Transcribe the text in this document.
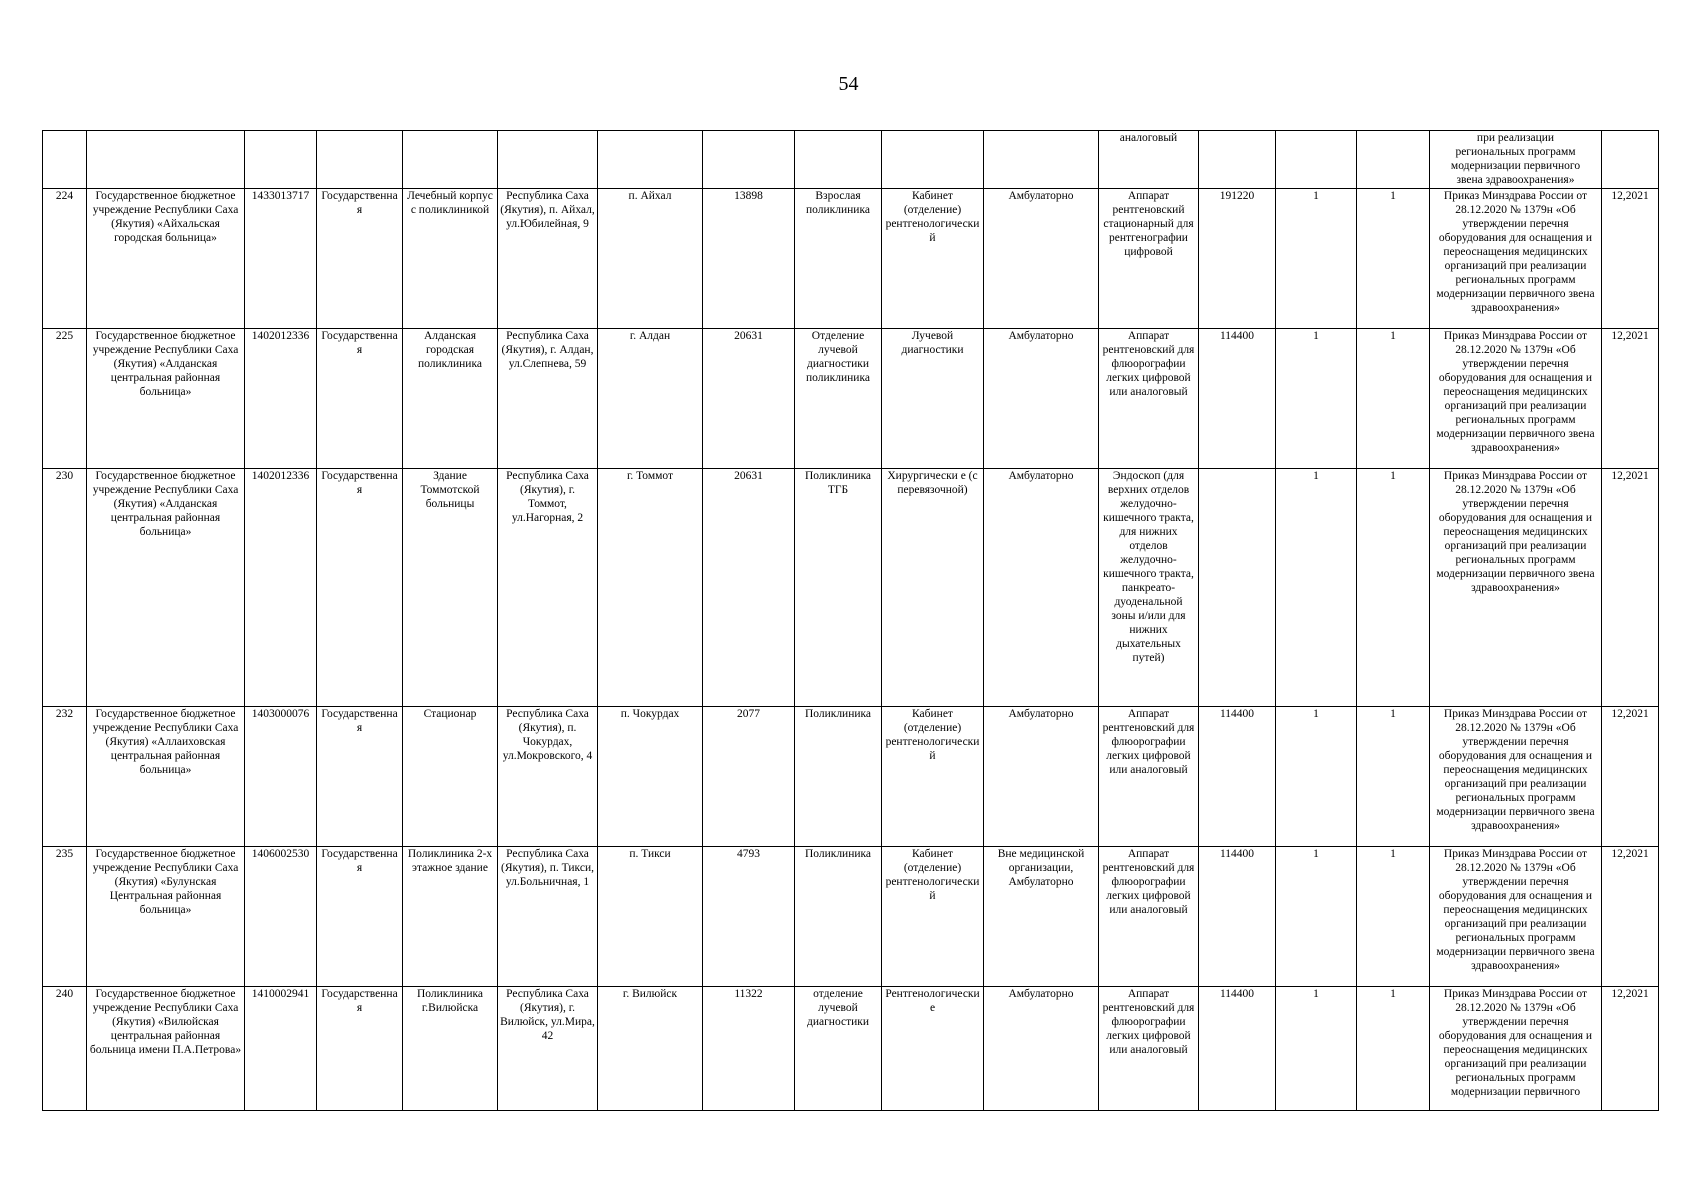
54
											аналоговый				при реализации
региональных программ
модернизации первичного
звена здравоохранения»	
224	Государственное бюджетное учреждение Республики Саха (Якутия) «Айхальская городская больница»	1433013717	Государственная	Лечебный корпус с поликлиникой	Республика Саха (Якутия), п. Айхал, ул.Юбилейная, 9	п. Айхал	13898	Взрослая поликлиника	Кабинет (отделение) рентгенологический	Амбулаторно	Аппарат рентгеновский стационарный для рентгенографии цифровой	191220	1	1	Приказ Минздрава России от 28.12.2020 № 1379н «Об утверждении перечня оборудования для оснащения и переоснащения медицинских организаций при реализации региональных программ модернизации первичного звена здравоохранения»	12,2021
225	Государственное бюджетное учреждение Республики Саха (Якутия) «Алданская центральная районная больница»	1402012336	Государственная	Алданская городская поликлиника	Республика Саха (Якутия), г. Алдан, ул.Слепнева, 59	г. Алдан	20631	Отделение лучевой диагностики поликлиника	Лучевой диагностики	Амбулаторно	Аппарат рентгеновский для флюорографии легких цифровой или аналоговый	114400	1	1	Приказ Минздрава России от 28.12.2020 № 1379н «Об утверждении перечня оборудования для оснащения и переоснащения медицинских организаций при реализации региональных программ модернизации первичного звена здравоохранения»	12,2021
230	Государственное бюджетное учреждение Республики Саха (Якутия) «Алданская центральная районная больница»	1402012336	Государственная	Здание Томмотской больницы	Республика Саха (Якутия), г. Томмот, ул.Нагорная, 2	г. Томмот	20631	Поликлиника ТГБ	Хирургически е (с перевязочной)	Амбулаторно	Эндоскоп (для верхних отделов желудочно-кишечного тракта, для нижних отделов желудочно-кишечного тракта, панкреато-дуоденальной зоны и/или для нижних дыхательных путей)		1	1	Приказ Минздрава России от 28.12.2020 № 1379н «Об утверждении перечня оборудования для оснащения и переоснащения медицинских организаций при реализации региональных программ модернизации первичного звена здравоохранения»	12,2021
232	Государственное бюджетное учреждение Республики Саха (Якутия) «Аллаиховская центральная районная больница»	1403000076	Государственная	Стационар	Республика Саха (Якутия), п. Чокурдах, ул.Мокровского, 4	п. Чокурдах	2077	Поликлиника	Кабинет (отделение) рентгенологический	Амбулаторно	Аппарат рентгеновский для флюорографии легких цифровой или аналоговый	114400	1	1	Приказ Минздрава России от 28.12.2020 № 1379н «Об утверждении перечня оборудования для оснащения и переоснащения медицинских организаций при реализации региональных программ модернизации первичного звена здравоохранения»	12,2021
235	Государственное бюджетное учреждение Республики Саха (Якутия) «Булунская Центральная районная больница»	1406002530	Государственная	Поликлиника 2-х этажное здание	Республика Саха (Якутия), п. Тикси, ул.Больничная, 1	п. Тикси	4793	Поликлиника	Кабинет (отделение) рентгенологический	Вне медицинской организации, Амбулаторно	Аппарат рентгеновский для флюорографии легких цифровой или аналоговый	114400	1	1	Приказ Минздрава России от 28.12.2020 № 1379н «Об утверждении перечня оборудования для оснащения и переоснащения медицинских организаций при реализации региональных программ модернизации первичного звена здравоохранения»	12,2021
240	Государственное бюджетное учреждение Республики Саха (Якутия) «Вилюйская центральная районная больница имени П.А.Петрова»	1410002941	Государственная	Поликлиника г.Вилюйска	Республика Саха (Якутия), г. Вилюйск, ул.Мира, 42	г. Вилюйск	11322	отделение лучевой диагностики	Рентгенологические	Амбулаторно	Аппарат рентгеновский для флюорографии легких цифровой или аналоговый	114400	1	1	Приказ Минздрава России от 28.12.2020 № 1379н «Об утверждении перечня оборудования для оснащения и переоснащения медицинских организаций при реализации региональных программ модернизации первичного	12,2021
